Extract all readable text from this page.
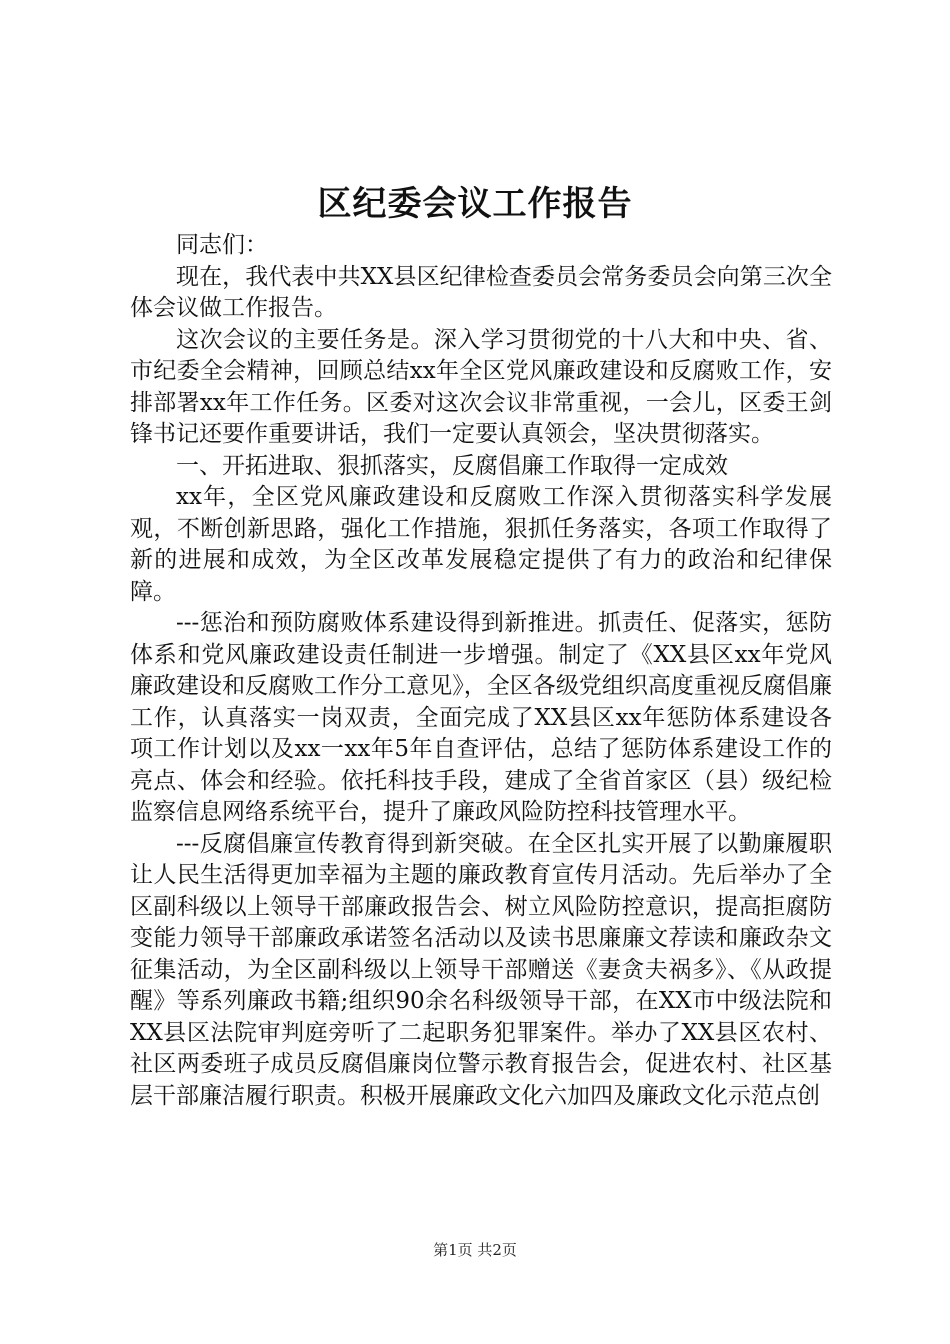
区纪委会议工作报告

同志们：

现在，我代表中共XX县区纪律检查委员会常务委员会向第三次全体会议做工作报告。

这次会议的主要任务是。深入学习贯彻党的十八大和中央、省、市纪委全会精神，回顾总结xx年全区党风廉政建设和反腐败工作，安排部署xx年工作任务。区委对这次会议非常重视，一会儿，区委王剑锋书记还要作重要讲话，我们一定要认真领会，坚决贯彻落实。

一、开拓进取、狠抓落实，反腐倡廉工作取得一定成效

xx年，全区党风廉政建设和反腐败工作深入贯彻落实科学发展观，不断创新思路，强化工作措施，狠抓任务落实，各项工作取得了新的进展和成效，为全区改革发展稳定提供了有力的政治和纪律保障。

---惩治和预防腐败体系建设得到新推进。抓责任、促落实，惩防体系和党风廉政建设责任制进一步增强。制定了《XX县区xx年党风廉政建设和反腐败工作分工意见》，全区各级党组织高度重视反腐倡廉工作，认真落实一岗双责，全面完成了XX县区xx年惩防体系建设各项工作计划以及xx一xx年5年自查评估，总结了惩防体系建设工作的亮点、体会和经验。依托科技手段，建成了全省首家区（县）级纪检监察信息网络系统平台，提升了廉政风险防控科技管理水平。

---反腐倡廉宣传教育得到新突破。在全区扎实开展了以勤廉履职让人民生活得更加幸福为主题的廉政教育宣传月活动。先后举办了全区副科级以上领导干部廉政报告会、树立风险防控意识，提高拒腐防变能力领导干部廉政承诺签名活动以及读书思廉廉文荐读和廉政杂文征集活动，为全区副科级以上领导干部赠送《妻贪夫祸多》、《从政提醒》等系列廉政书籍;组织90余名科级领导干部，在XX市中级法院和XX县区法院审判庭旁听了二起职务犯罪案件。举办了XX县区农村、社区两委班子成员反腐倡廉岗位警示教育报告会，促进农村、社区基层干部廉洁履行职责。积极开展廉政文化六加四及廉政文化示范点创

第1页 共2页
